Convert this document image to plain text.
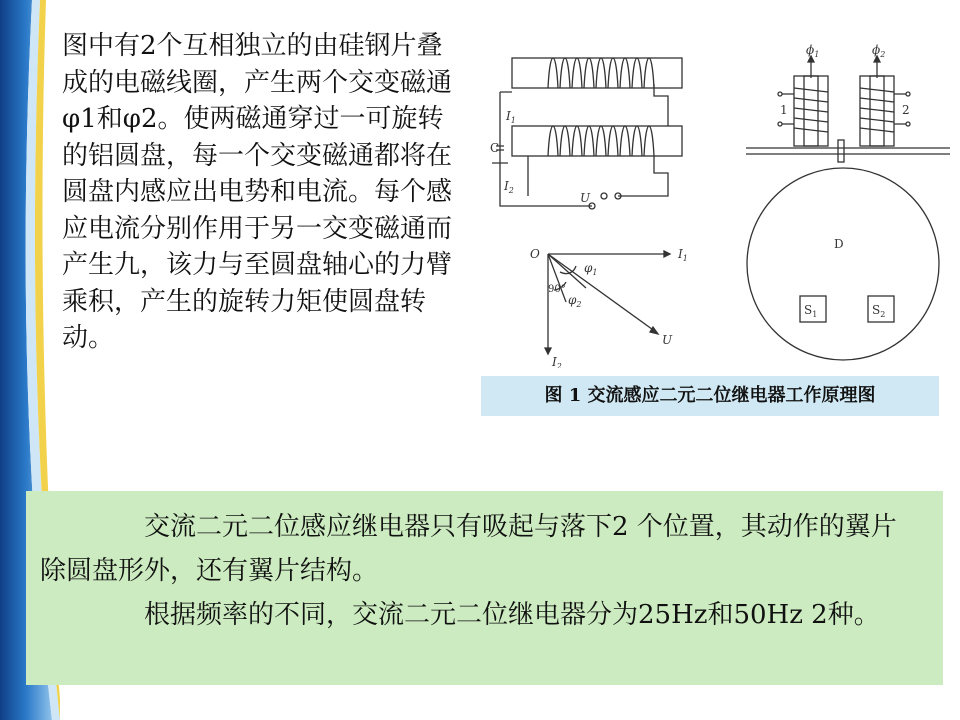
图中有2个互相独立的由硅钢片叠成的电磁线圈，产生两个交变磁通φ1和φ2。使两磁通穿过一可旋转的铝圆盘，每一个交变磁通都将在圆盘内感应出电势和电流。每个感应电流分别作用于另一交变磁通而产生九，该力与至圆盘轴心的力臂乘积，产生的旋转力矩使圆盘转动。

C
$I_1$
$I_2$
U
O
90°
$I_1$
$I_2$
U
$\varphi_1$
$\varphi_2$
D
$S_1$	$S_2$
1
$\phi_1$
2
$\phi_2$
图 1 交流感应二元二位继电器工作原理图

交流二元二位感应继电器只有吸起与落下2 个位置，其动作的翼片除圆盘形外，还有翼片结构。

根据频率的不同，交流二元二位继电器分为25Hz和50Hz 2种。
